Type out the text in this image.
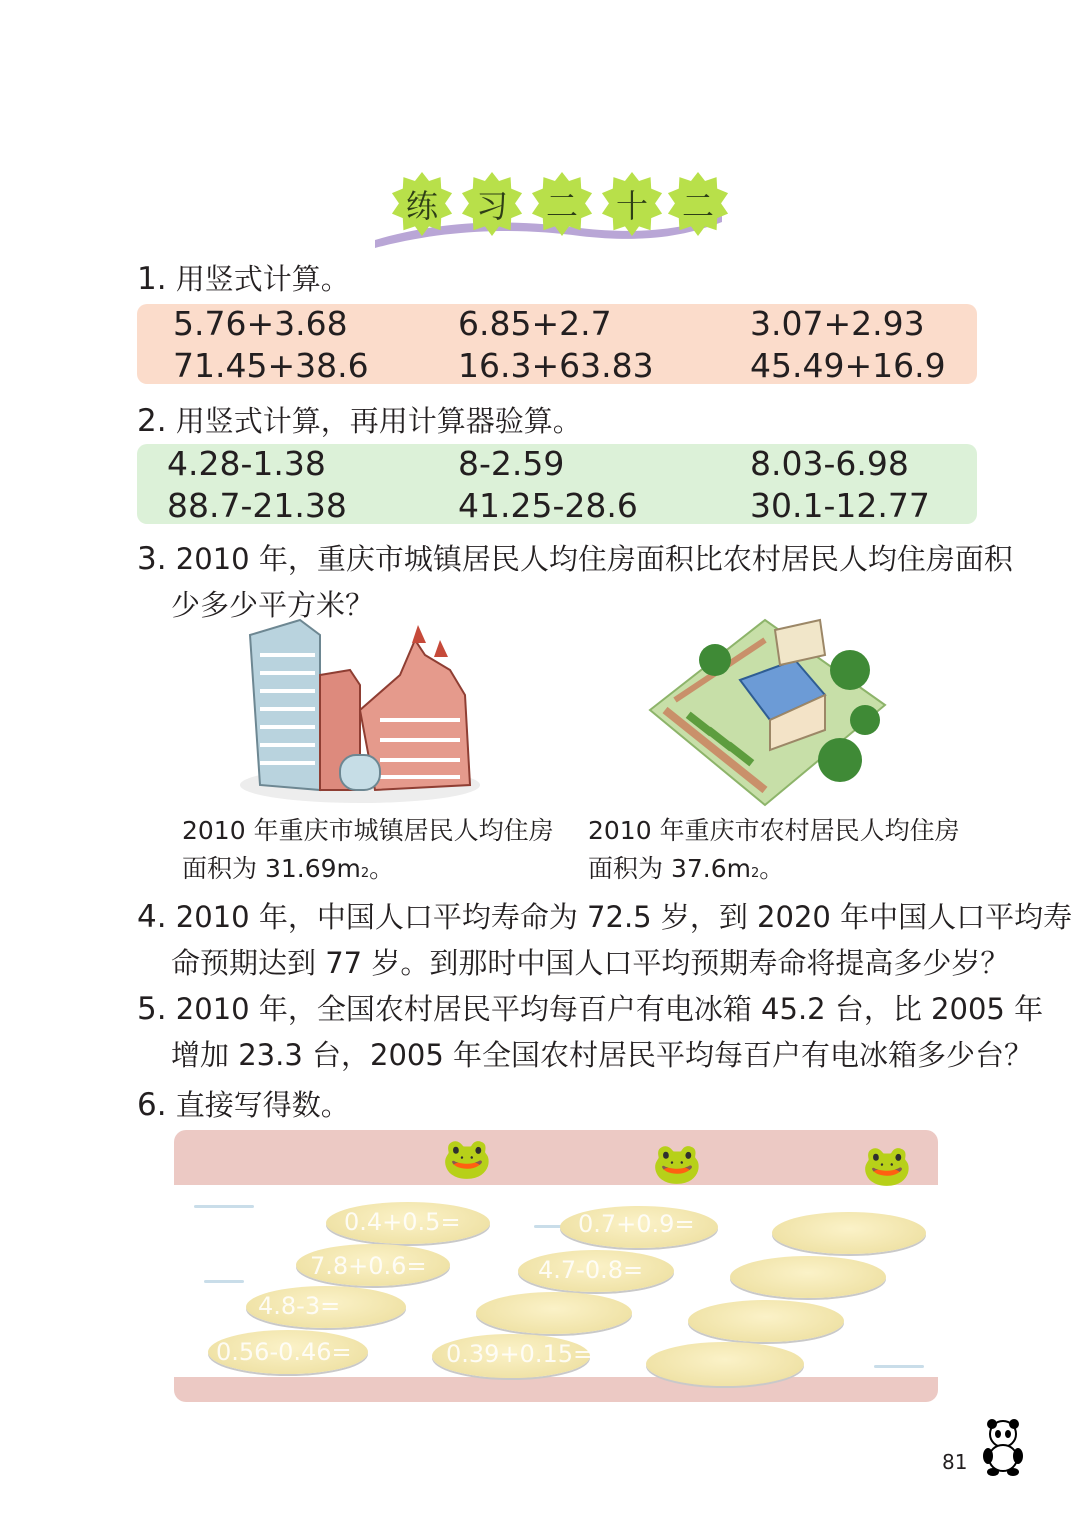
练	习	二	十	二
1. 用竖式计算。
5.76+3.68	6.85+2.7	3.07+2.93
71.45+38.6	16.3+63.83	45.49+16.9
2. 用竖式计算，再用计算器验算。
4.28-1.38	8-2.59	8.03-6.98
88.7-21.38	41.25-28.6	30.1-12.77
3. 2010 年，重庆市城镇居民人均住房面积比农村居民人均住房面积
少多少平方米？
2010 年重庆市城镇居民人均住房
面积为 31.69m2。
2010 年重庆市农村居民人均住房
面积为 37.6m2。
4. 2010 年，中国人口平均寿命为 72.5 岁，到 2020 年中国人口平均寿
命预期达到 77 岁。到那时中国人口平均预期寿命将提高多少岁？
5. 2010 年，全国农村居民平均每百户有电冰箱 45.2 台，比 2005 年
增加 23.3 台，2005 年全国农村居民平均每百户有电冰箱多少台？
6. 直接写得数。
🐸	🐸	🐸
0.4+0.5=	0.7+0.9=
7.8+0.6=	4.7-0.8=
4.8-3=
0.56-0.46=	0.39+0.15=
81
